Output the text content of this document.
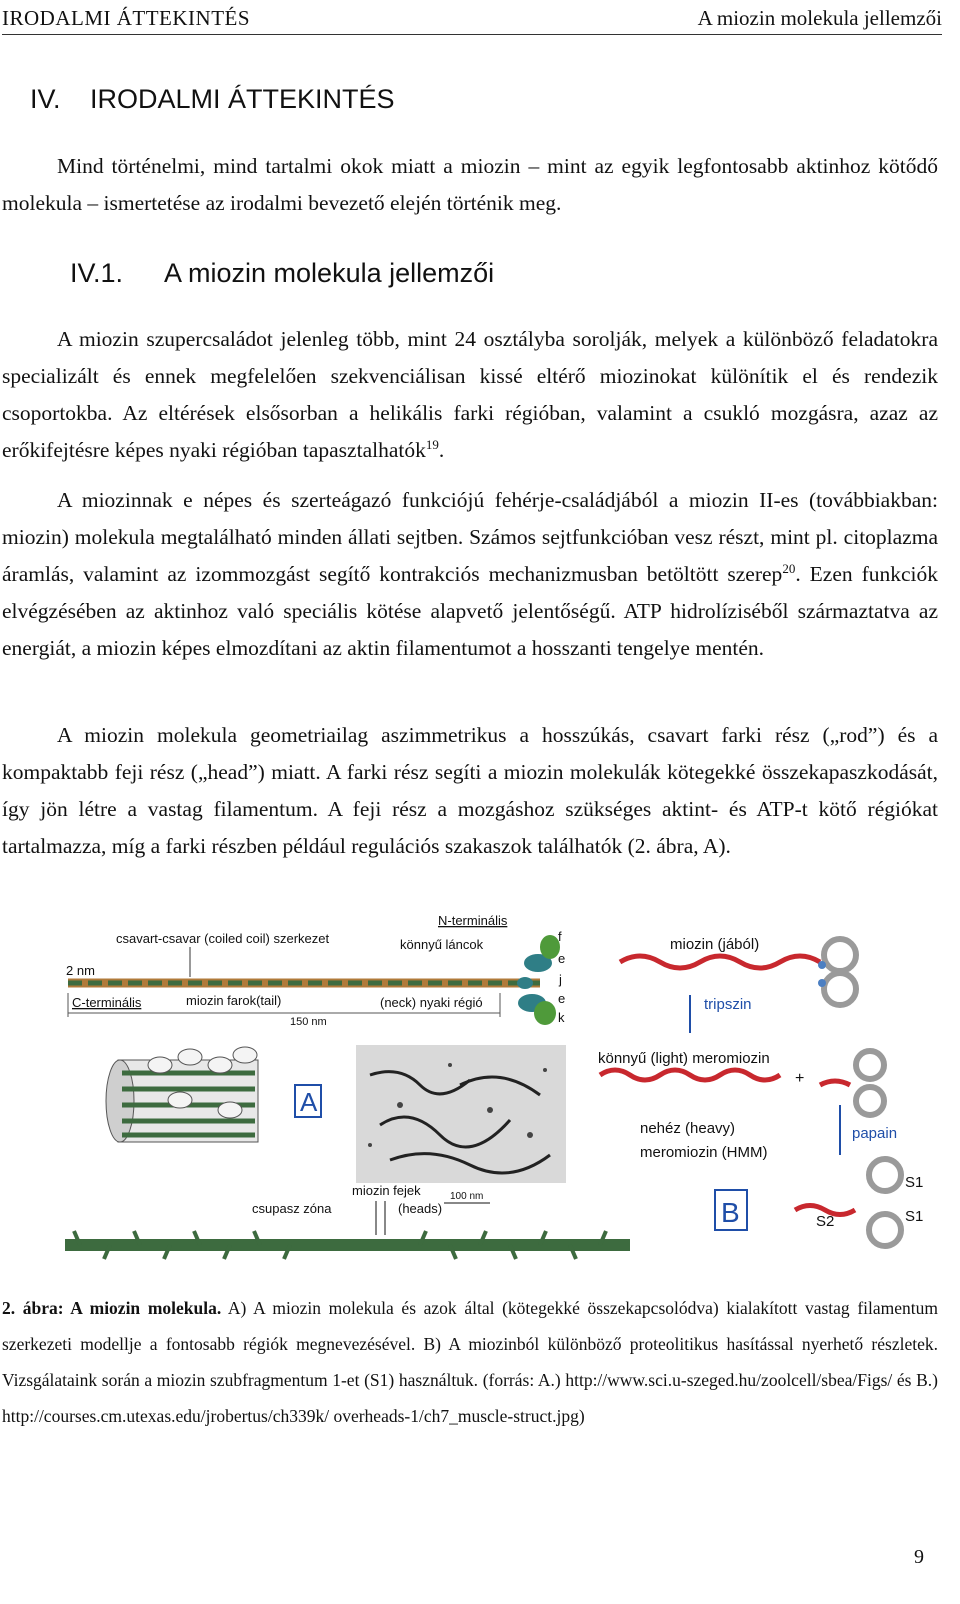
IRODALMI ÁTTEKINTÉS	A miozin molekula jellemzői
IV. IRODALMI ÁTTEKINTÉS

Mind történelmi, mind tartalmi okok miatt a miozin – mint az egyik legfontosabb aktinhoz kötődő molekula – ismertetése az irodalmi bevezető elején történik meg.

IV.1. A miozin molekula jellemzői

A miozin szupercsaládot jelenleg több, mint 24 osztályba sorolják, melyek a különböző feladatokra specializált és ennek megfelelően szekvenciálisan kissé eltérő miozinokat különítik el és rendezik csoportokba. Az eltérések elsősorban a helikális farki régióban, valamint a csukló mozgásra, azaz az erőkifejtésre képes nyaki régióban tapasztalhatók$^{19}$.

A miozinnak e népes és szerteágazó funkciójú fehérje-családjából a miozin II-es (továbbiakban: miozin) molekula megtalálható minden állati sejtben. Számos sejtfunkcióban vesz részt, mint pl. citoplazma áramlás, valamint az izommozgást segítő kontrakciós mechanizmusban betöltött szerep$^{20}$. Ezen funkciók elvégzésében az aktinhoz való speciális kötése alapvető jelentőségű. ATP hidrolíziséből származtatva az energiát, a miozin képes elmozdítani az aktin filamentumot a hosszanti tengelye mentén.

A miozin molekula geometriailag aszimmetrikus a hosszúkás, csavart farki rész („rod”) és a kompaktabb feji rész („head”) miatt. A farki rész segíti a miozin molekulák kötegekké összekapaszkodását, így jön létre a vastag filamentum. A feji rész a mozgáshoz szükséges aktint- és ATP-t kötő régiókat tartalmazza, míg a farki részben például regulációs szakaszok találhatók (2. ábra, A).

csavart-csavar (coiled coil) szerkezet
N-terminális
könnyű láncok
2 nm
C-terminális	miozin farok(tail)	(neck) nyaki régió
150 nm
f
e
j
e
k
A
csupasz zóna
miozin fejek
(heads)
100 nm
miozin (jából)
tripszin
könnyű (light) meromiozin
+
nehéz (heavy)
meromiozin (HMM)
papain
B	S2
S1
S1

2. ábra: A miozin molekula. A) A miozin molekula és azok által (kötegekké összekapcsolódva) kialakított vastag filamentum szerkezeti modellje a fontosabb régiók megnevezésével. B) A miozinból különböző proteolitikus hasítással nyerhető részletek. Vizsgálataink során a miozin szubfragmentum 1-et (S1) használtuk. (forrás: A.) http://www.sci.u-szeged.hu/zoolcell/sbea/Figs/ és B.) http://courses.cm.utexas.edu/jrobertus/ch339k/ overheads-1/ch7_muscle-struct.jpg)

9
